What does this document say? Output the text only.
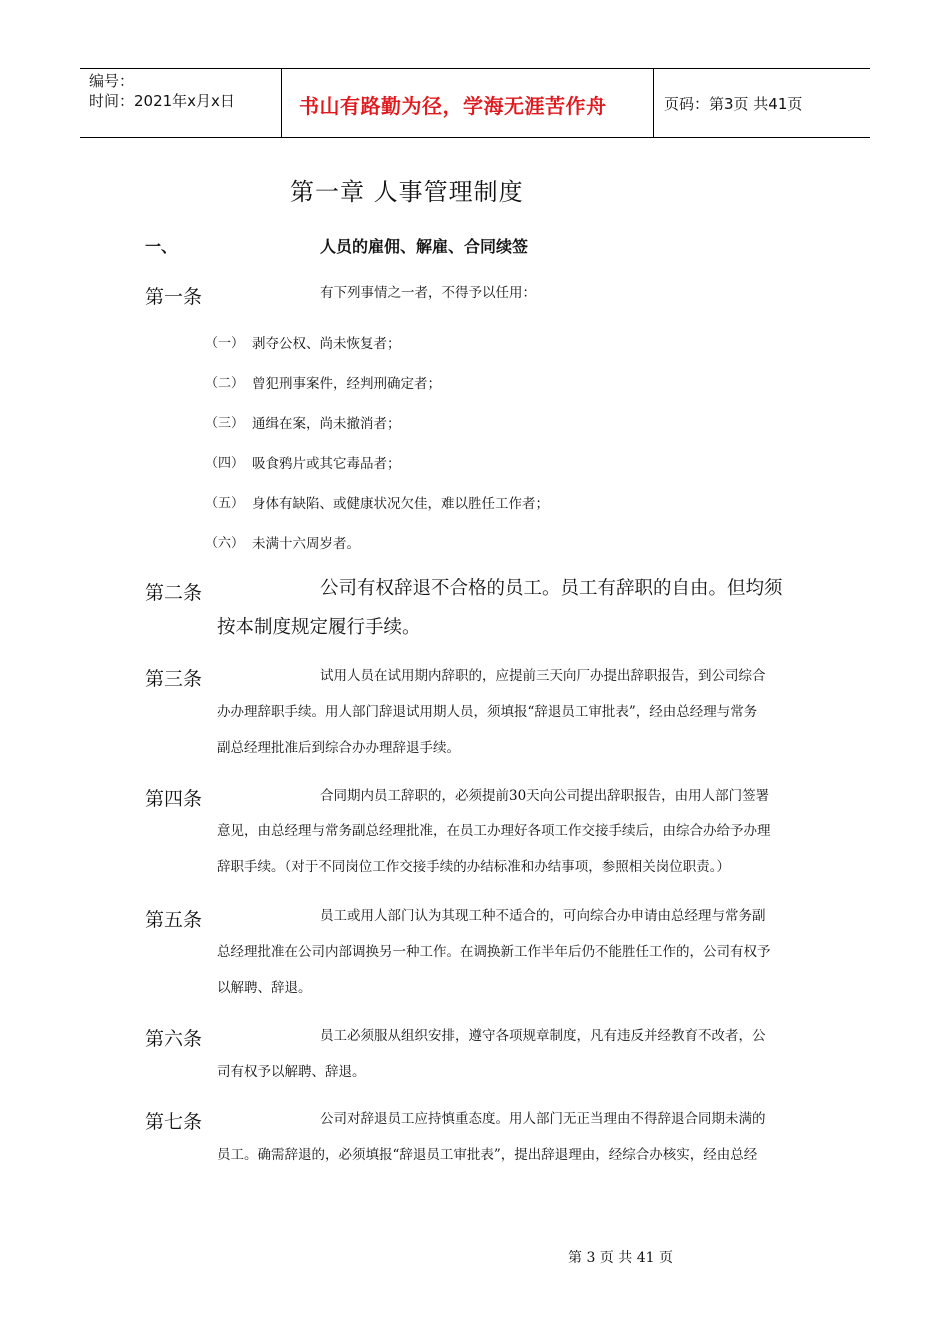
编号：
时间：2021年x月x日	书山有路勤为径，学海无涯苦作舟	页码：第3页 共41页
第一章 人事管理制度
一、	人员的雇佣、解雇、合同续签
第一条	有下列事情之一者，不得予以任用：
（一） 剥夺公权、尚未恢复者；
（二） 曾犯刑事案件，经判刑确定者；
（三） 通缉在案，尚未撤消者；
（四） 吸食鸦片或其它毒品者；
（五） 身体有缺陷、或健康状况欠佳，难以胜任工作者；
（六） 未满十六周岁者。
第二条	公司有权辞退不合格的员工。员工有辞职的自由。但均须
按本制度规定履行手续。
第三条	试用人员在试用期内辞职的，应提前三天向厂办提出辞职报告，到公司综合
办办理辞职手续。用人部门辞退试用期人员，须填报“辞退员工审批表”，经由总经理与常务
副总经理批准后到综合办办理辞退手续。
第四条	合同期内员工辞职的，必须提前30天向公司提出辞职报告，由用人部门签署
意见，由总经理与常务副总经理批准，在员工办理好各项工作交接手续后，由综合办给予办理
辞职手续。（对于不同岗位工作交接手续的办结标准和办结事项，参照相关岗位职责。）
第五条	员工或用人部门认为其现工种不适合的，可向综合办申请由总经理与常务副
总经理批准在公司内部调换另一种工作。在调换新工作半年后仍不能胜任工作的，公司有权予
以解聘、辞退。
第六条	员工必须服从组织安排，遵守各项规章制度，凡有违反并经教育不改者，公
司有权予以解聘、辞退。
第七条	公司对辞退员工应持慎重态度。用人部门无正当理由不得辞退合同期未满的
员工。确需辞退的，必须填报“辞退员工审批表”，提出辞退理由，经综合办核实，经由总经
第 3 页 共 41 页
